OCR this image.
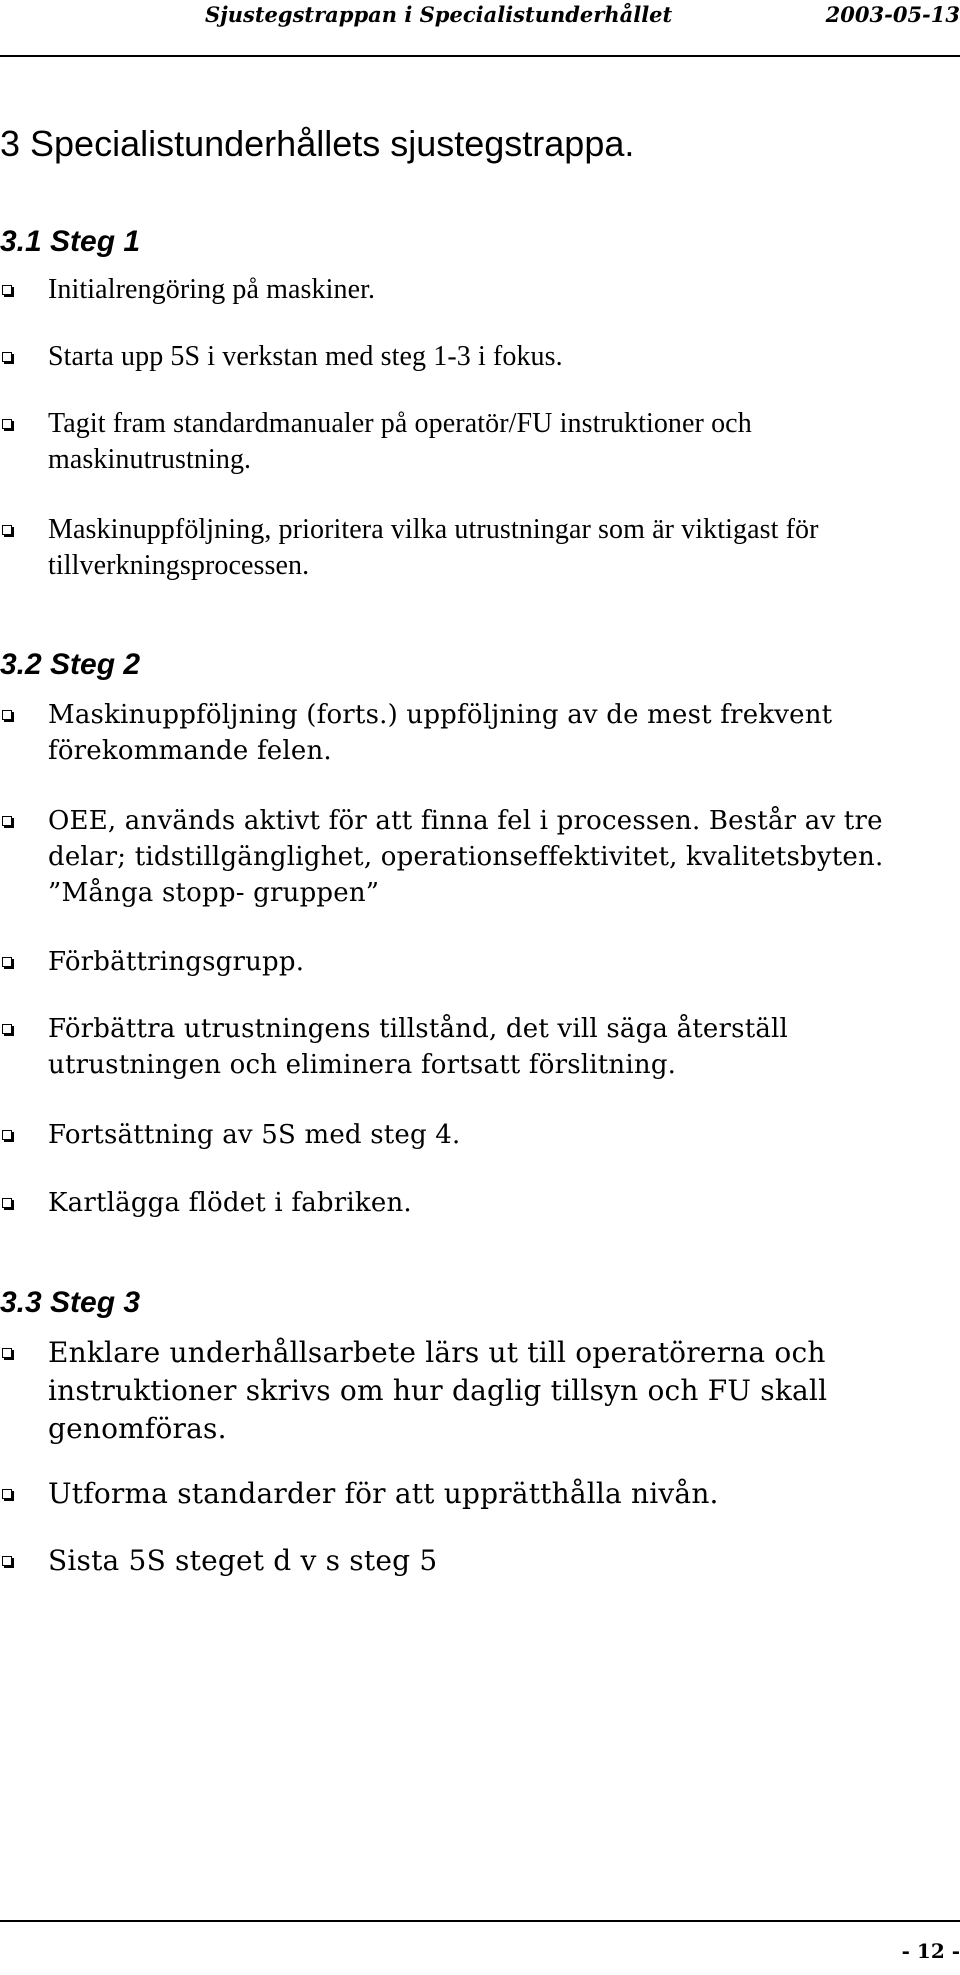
Sjustegstrappan i Specialistunderhållet	2003-05-13
3 Specialistunderhållets sjustegstrappa.
3.1 Steg 1
Initialrengöring på maskiner.
Starta upp 5S i verkstan med steg 1-3 i fokus.
Tagit fram standardmanualer på operatör/FU instruktioner och maskinutrustning.
Maskinuppföljning, prioritera vilka utrustningar som är viktigast för tillverkningsprocessen.
3.2 Steg 2
Maskinuppföljning (forts.) uppföljning av de mest frekvent förekommande felen.
OEE, används aktivt för att finna fel i processen. Består av tre delar; tidstillgänglighet, operationseffektivitet, kvalitetsbyten. ”Många stopp- gruppen”
Förbättringsgrupp.
Förbättra utrustningens tillstånd, det vill säga återställ utrustningen och eliminera fortsatt förslitning.
Fortsättning av 5S med steg 4.
Kartlägga flödet i fabriken.
3.3 Steg 3
Enklare underhållsarbete lärs ut till operatörerna och instruktioner skrivs om hur daglig tillsyn och FU skall genomföras.
Utforma standarder för att upprätthålla nivån.
Sista 5S steget d v s steg 5
- 12 -
